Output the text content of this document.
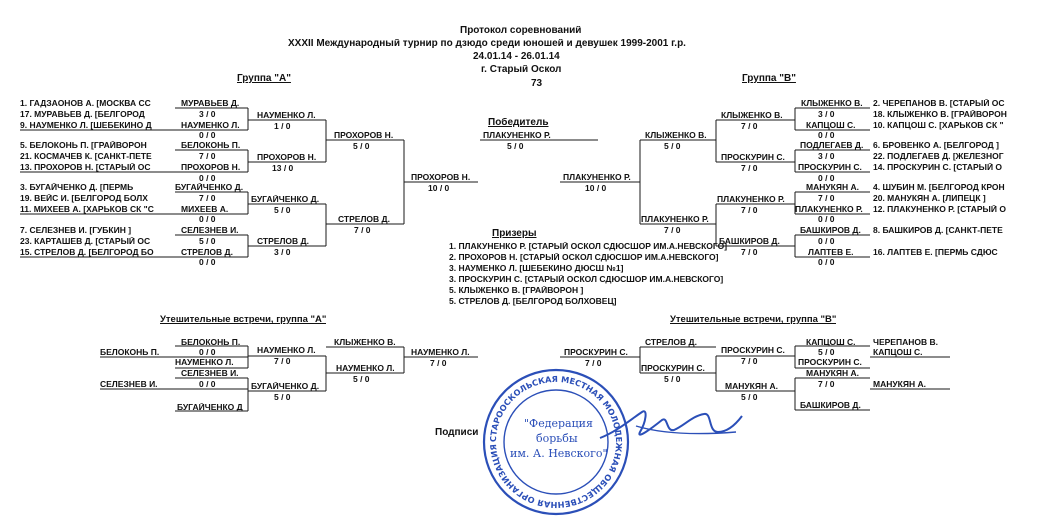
Протокол соревнований
XXXII Международный турнир по дзюдо среди юношей и девушек 1999-2001 г.р.
24.01.14 - 26.01.14
г. Старый Оскол
73
Группа "А"	Группа "В"
1. ГАДЗАОНОВ А. [МОСКВА СС
17. МУРАВЬЕВ Д. [БЕЛГОРОД
9. НАУМЕНКО Л. [ШЕБЕКИНО Д
5. БЕЛОКОНЬ П. [ГРАЙВОРОН
21. КОСМАЧЕВ К. [САНКТ-ПЕТЕ
13. ПРОХОРОВ Н. [СТАРЫЙ ОС
3. БУГАЙЧЕНКО Д. [ПЕРМЬ
19. ВЕЙС И. [БЕЛГОРОД БОЛХ
11. МИХЕЕВ А. [ХАРЬКОВ СК "С
7. СЕЛЕЗНЕВ И. [ГУБКИН ]
23. КАРТАШЕВ Д. [СТАРЫЙ ОС
15. СТРЕЛОВ Д. [БЕЛГОРОД БО
МУРАВЬЕВ Д.
3 / 0
НАУМЕНКО Л.
0 / 0
БЕЛОКОНЬ П.
7 / 0
ПРОХОРОВ Н.
0 / 0
БУГАЙЧЕНКО Д.
7 / 0
МИХЕЕВ А.
0 / 0
СЕЛЕЗНЕВ И.
5 / 0
СТРЕЛОВ Д.
0 / 0
НАУМЕНКО Л.
1 / 0
ПРОХОРОВ Н.
13 / 0
БУГАЙЧЕНКО Д.
5 / 0
СТРЕЛОВ Д.
3 / 0
ПРОХОРОВ Н.
5 / 0
СТРЕЛОВ Д.
7 / 0
ПРОХОРОВ Н.
10 / 0
2. ЧЕРЕПАНОВ В. [СТАРЫЙ ОС
18. КЛЫЖЕНКО В. [ГРАЙВОРОН
10. КАПЦОШ С. [ХАРЬКОВ СК "
6. БРОВЕНКО А. [БЕЛГОРОД ]
22. ПОДЛЕГАЕВ Д. [ЖЕЛЕЗНОГ
14. ПРОСКУРИН С. [СТАРЫЙ О
4. ШУБИН М. [БЕЛГОРОД КРОН
20. МАНУКЯН А. [ЛИПЕЦК ]
12. ПЛАКУНЕНКО Р. [СТАРЫЙ О
8. БАШКИРОВ Д. [САНКТ-ПЕТЕ
16. ЛАПТЕВ Е. [ПЕРМЬ СДЮС
КЛЫЖЕНКО В.
3 / 0
КАПЦОШ С.
0 / 0
ПОДЛЕГАЕВ Д.
3 / 0
ПРОСКУРИН С.
0 / 0
МАНУКЯН А.
7 / 0
ПЛАКУНЕНКО Р.
0 / 0
БАШКИРОВ Д.
0 / 0
ЛАПТЕВ Е.
0 / 0
КЛЫЖЕНКО В.
7 / 0
ПРОСКУРИН С.
7 / 0
ПЛАКУНЕНКО Р.
7 / 0
БАШКИРОВ Д.
7 / 0
КЛЫЖЕНКО В.
5 / 0
ПЛАКУНЕНКО Р.
7 / 0
ПЛАКУНЕНКО Р.
10 / 0
Победитель
ПЛАКУНЕНКО Р.
5 / 0
Призеры
1. ПЛАКУНЕНКО Р. [СТАРЫЙ ОСКОЛ СДЮСШОР ИМ.А.НЕВСКОГО]
2. ПРОХОРОВ Н. [СТАРЫЙ ОСКОЛ СДЮСШОР ИМ.А.НЕВСКОГО]
3. НАУМЕНКО Л. [ШЕБЕКИНО ДЮСШ №1]
3. ПРОСКУРИН С. [СТАРЫЙ ОСКОЛ СДЮСШОР ИМ.А.НЕВСКОГО]
5. КЛЫЖЕНКО В. [ГРАЙВОРОН ]
5. СТРЕЛОВ Д. [БЕЛГОРОД БОЛХОВЕЦ]
Утешительные встречи, группа "А"
БЕЛОКОНЬ П.
0 / 0
БЕЛОКОНЬ П.
НАУМЕНКО Л.
СЕЛЕЗНЕВ И.
0 / 0
СЕЛЕЗНЕВ И.
БУГАЙЧЕНКО Д
НАУМЕНКО Л.
7 / 0
БУГАЙЧЕНКО Д.
5 / 0
КЛЫЖЕНКО В.
НАУМЕНКО Л.
5 / 0
НАУМЕНКО Л.
7 / 0
Утешительные встречи, группа "В"
ПРОСКУРИН С.
7 / 0
СТРЕЛОВ Д.
ПРОСКУРИН С.
5 / 0
ПРОСКУРИН С.
7 / 0
МАНУКЯН А.
5 / 0
КАПЦОШ С.
5 / 0
ПРОСКУРИН С.
МАНУКЯН А.
7 / 0
БАШКИРОВ Д.
ЧЕРЕПАНОВ В.
КАПЦОШ С.
МАНУКЯН А.
Подписи
СТАРООСКОЛЬСКАЯ МЕСТНАЯ МОЛОДЕЖНАЯ ОБЩЕСТВЕННАЯ ОРГАНИЗАЦИЯ
"Федерация
борьбы
им. А. Невского"
